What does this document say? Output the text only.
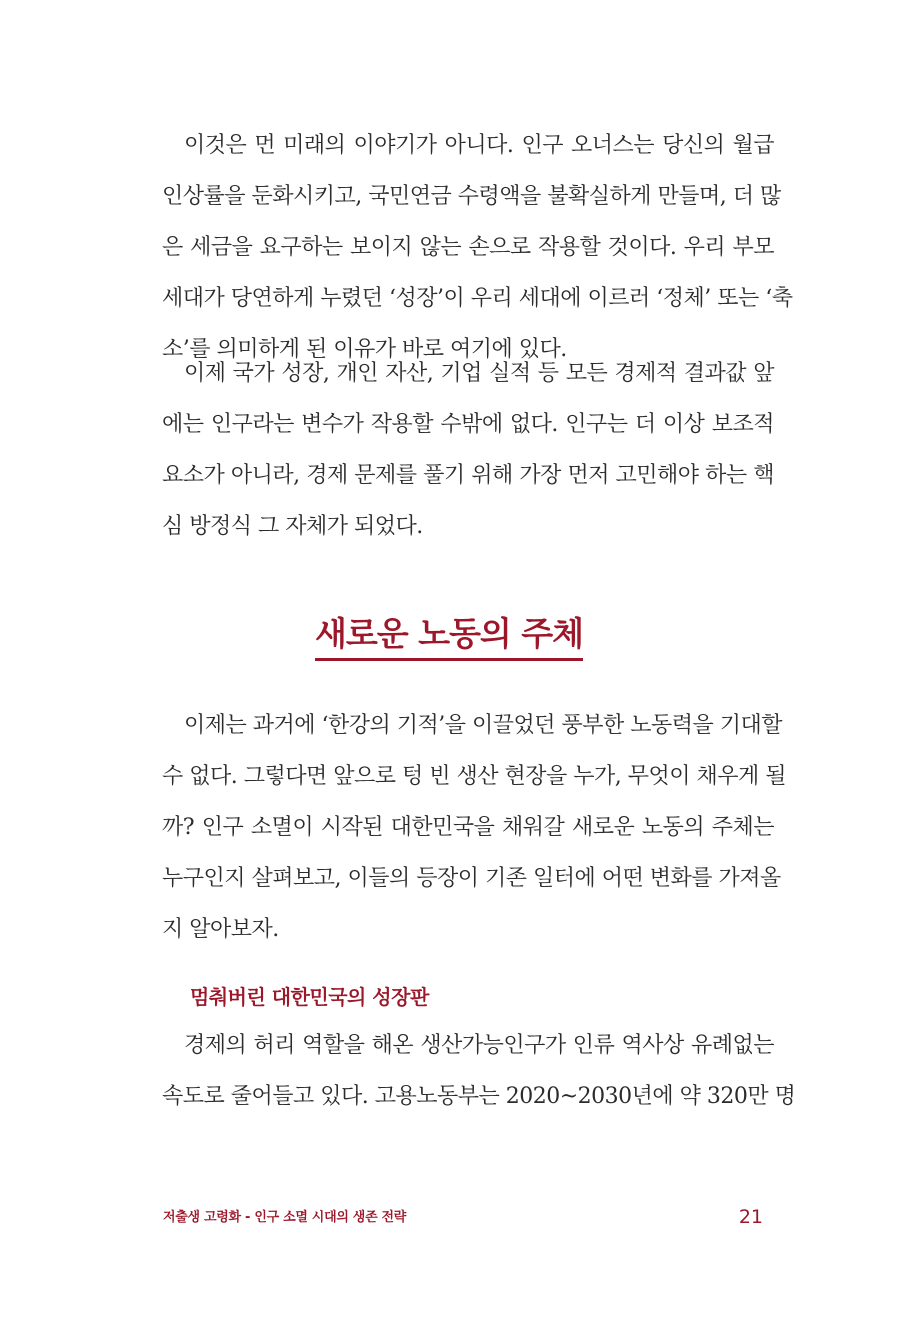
이것은 먼 미래의 이야기가 아니다. 인구 오너스는 당신의 월급
인상률을 둔화시키고, 국민연금 수령액을 불확실하게 만들며, 더 많
은 세금을 요구하는 보이지 않는 손으로 작용할 것이다. 우리 부모
세대가 당연하게 누렸던 ‘성장’이 우리 세대에 이르러 ‘정체’ 또는 ‘축
소’를 의미하게 된 이유가 바로 여기에 있다.
이제 국가 성장, 개인 자산, 기업 실적 등 모든 경제적 결과값 앞
에는 인구라는 변수가 작용할 수밖에 없다. 인구는 더 이상 보조적
요소가 아니라, 경제 문제를 풀기 위해 가장 먼저 고민해야 하는 핵
심 방정식 그 자체가 되었다.
새로운 노동의 주체
이제는 과거에 ‘한강의 기적’을 이끌었던 풍부한 노동력을 기대할
수 없다. 그렇다면 앞으로 텅 빈 생산 현장을 누가, 무엇이 채우게 될
까? 인구 소멸이 시작된 대한민국을 채워갈 새로운 노동의 주체는
누구인지 살펴보고, 이들의 등장이 기존 일터에 어떤 변화를 가져올
지 알아보자.
멈춰버린 대한민국의 성장판
경제의 허리 역할을 해온 생산가능인구가 인류 역사상 유례없는
속도로 줄어들고 있다. 고용노동부는 2020~2030년에 약 320만 명
저출생 고령화 - 인구 소멸 시대의 생존 전략	21
